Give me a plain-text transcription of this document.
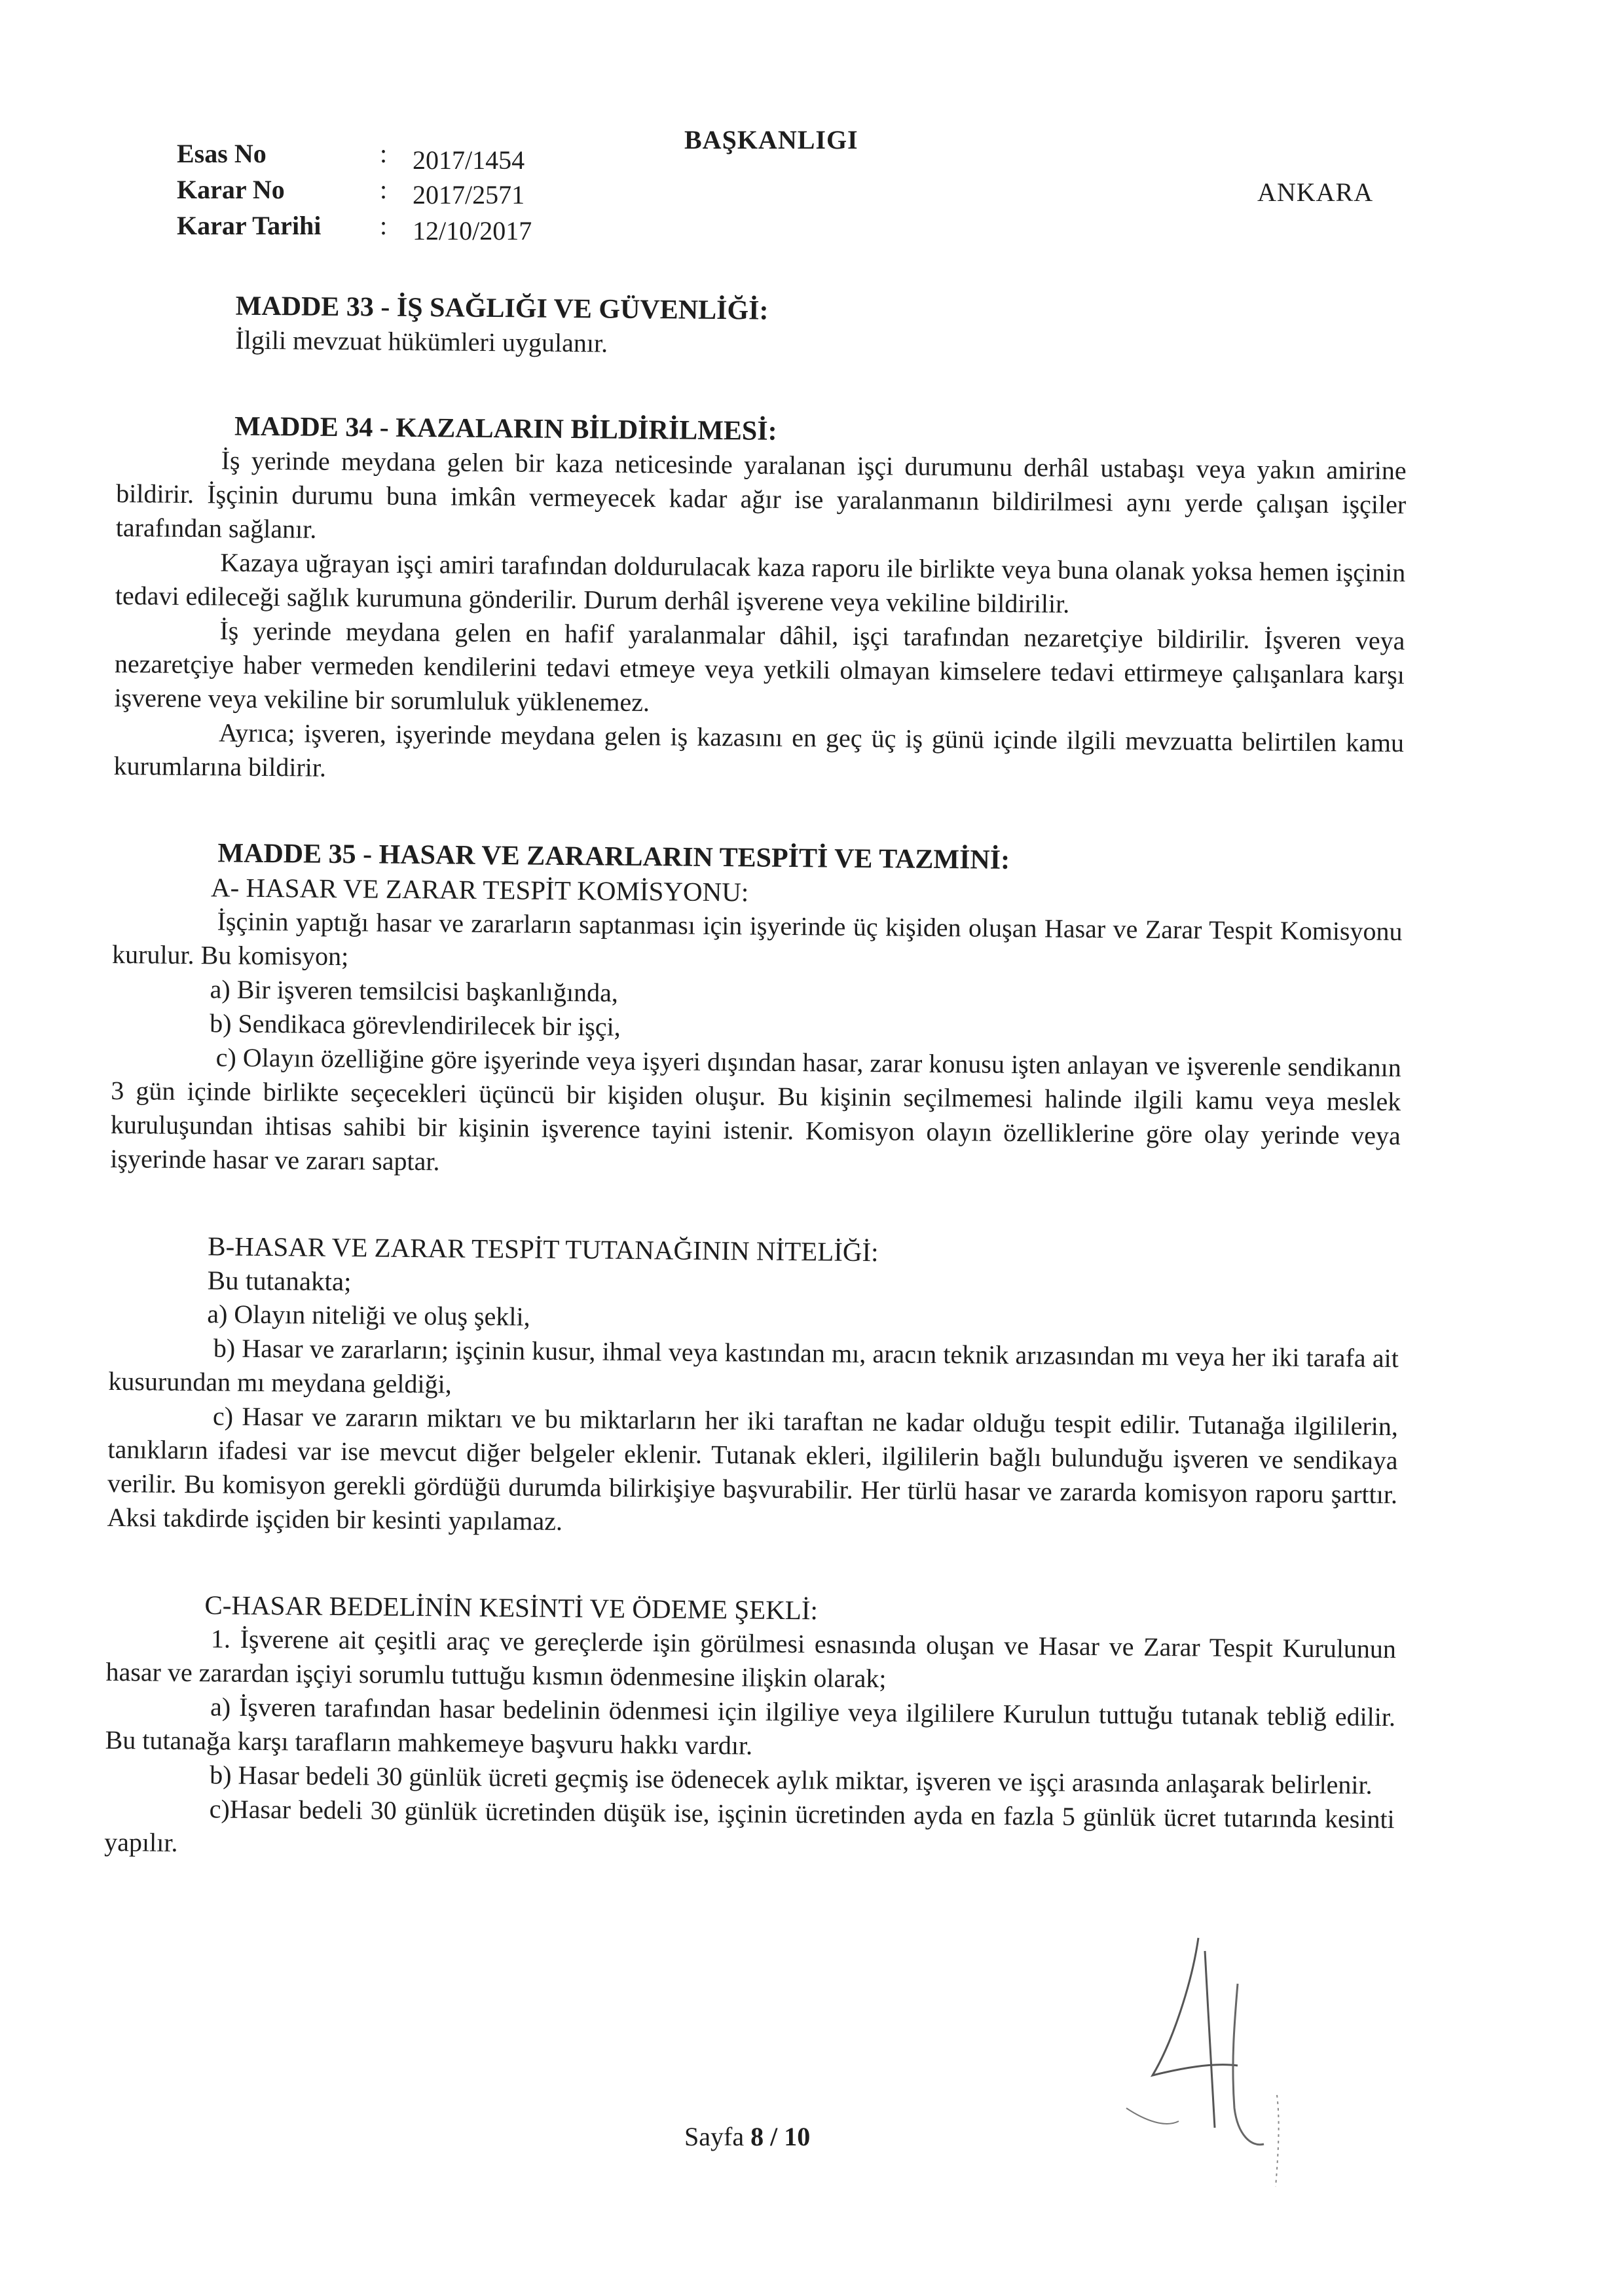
Esas No	: 2017/1454
Karar No	: 2017/2571
Karar Tarihi : 12/10/2017
BAŞKANLIGI
ANKARA

MADDE 33 - İŞ SAĞLIĞI VE GÜVENLİĞİ:

İlgili mevzuat hükümleri uygulanır.

MADDE 34 - KAZALARIN BİLDİRİLMESİ:

İş yerinde meydana gelen bir kaza neticesinde yaralanan işçi durumunu derhâl ustabaşı veya yakın amirine bildirir. İşçinin durumu buna imkân vermeyecek kadar ağır ise yaralanmanın bildirilmesi aynı yerde çalışan işçiler tarafından sağlanır.

Kazaya uğrayan işçi amiri tarafından doldurulacak kaza raporu ile birlikte veya buna olanak yoksa hemen işçinin tedavi edileceği sağlık kurumuna gönderilir. Durum derhâl işverene veya vekiline bildirilir.

İş yerinde meydana gelen en hafif yaralanmalar dâhil, işçi tarafından nezaretçiye bildirilir. İşveren veya nezaretçiye haber vermeden kendilerini tedavi etmeye veya yetkili olmayan kimselere tedavi ettirmeye çalışanlara karşı işverene veya vekiline bir sorumluluk yüklenemez.

Ayrıca; işveren, işyerinde meydana gelen iş kazasını en geç üç iş günü içinde ilgili mevzuatta belirtilen kamu kurumlarına bildirir.

MADDE 35 - HASAR VE ZARARLARIN TESPİTİ VE TAZMİNİ:

A- HASAR VE ZARAR TESPİT KOMİSYONU:

İşçinin yaptığı hasar ve zararların saptanması için işyerinde üç kişiden oluşan Hasar ve Zarar Tespit Komisyonu kurulur. Bu komisyon;

a) Bir işveren temsilcisi başkanlığında,

b) Sendikaca görevlendirilecek bir işçi,

c) Olayın özelliğine göre işyerinde veya işyeri dışından hasar, zarar konusu işten anlayan ve işverenle sendikanın 3 gün içinde birlikte seçecekleri üçüncü bir kişiden oluşur. Bu kişinin seçilmemesi halinde ilgili kamu veya meslek kuruluşundan ihtisas sahibi bir kişinin işverence tayini istenir. Komisyon olayın özelliklerine göre olay yerinde veya işyerinde hasar ve zararı saptar.

B-HASAR VE ZARAR TESPİT TUTANAĞININ NİTELİĞİ:

Bu tutanakta;

a) Olayın niteliği ve oluş şekli,

b) Hasar ve zararların; işçinin kusur, ihmal veya kastından mı, aracın teknik arızasından mı veya her iki tarafa ait kusurundan mı meydana geldiği,

c) Hasar ve zararın miktarı ve bu miktarların her iki taraftan ne kadar olduğu tespit edilir. Tutanağa ilgililerin, tanıkların ifadesi var ise mevcut diğer belgeler eklenir. Tutanak ekleri, ilgililerin bağlı bulunduğu işveren ve sendikaya verilir. Bu komisyon gerekli gördüğü durumda bilirkişiye başvurabilir. Her türlü hasar ve zararda komisyon raporu şarttır. Aksi takdirde işçiden bir kesinti yapılamaz.

C-HASAR BEDELİNİN KESİNTİ VE ÖDEME ŞEKLİ:

1. İşverene ait çeşitli araç ve gereçlerde işin görülmesi esnasında oluşan ve Hasar ve Zarar Tespit Kurulunun hasar ve zarardan işçiyi sorumlu tuttuğu kısmın ödenmesine ilişkin olarak;

a) İşveren tarafından hasar bedelinin ödenmesi için ilgiliye veya ilgililere Kurulun tuttuğu tutanak tebliğ edilir. Bu tutanağa karşı tarafların mahkemeye başvuru hakkı vardır.

b) Hasar bedeli 30 günlük ücreti geçmiş ise ödenecek aylık miktar, işveren ve işçi arasında anlaşarak belirlenir.

c)Hasar bedeli 30 günlük ücretinden düşük ise, işçinin ücretinden ayda en fazla 5 günlük ücret tutarında kesinti yapılır.

Sayfa 8 / 10
